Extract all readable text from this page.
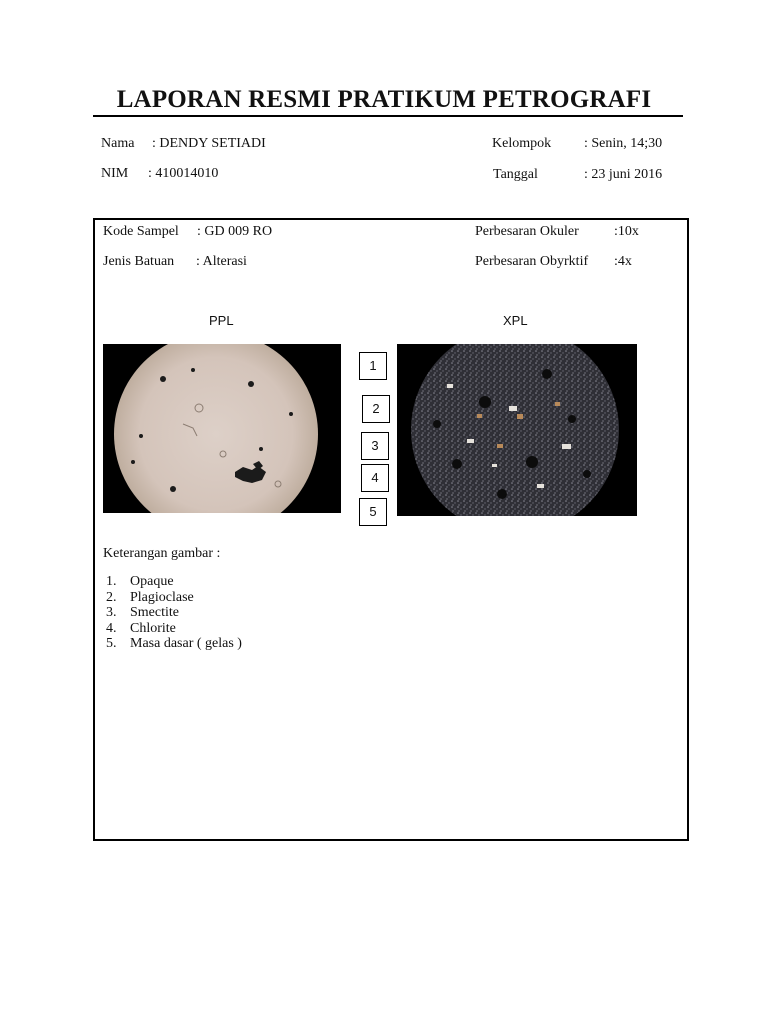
LAPORAN RESMI PRATIKUM PETROGRAFI
Nama : DENDY SETIADI
NIM : 410014010
Kelompok : Senin, 14;30
Tanggal	: 23 juni 2016
Kode Sampel : GD 009 RO
Jenis Batuan : Alterasi
Perbesaran Okuler	:10x
Perbesaran Obyrktif :4x
PPL	XPL
1
2
3
4
5
Keterangan gambar :
1. Opaque
2. Plagioclase
3. Smectite
4. Chlorite
5. Masa dasar ( gelas )
